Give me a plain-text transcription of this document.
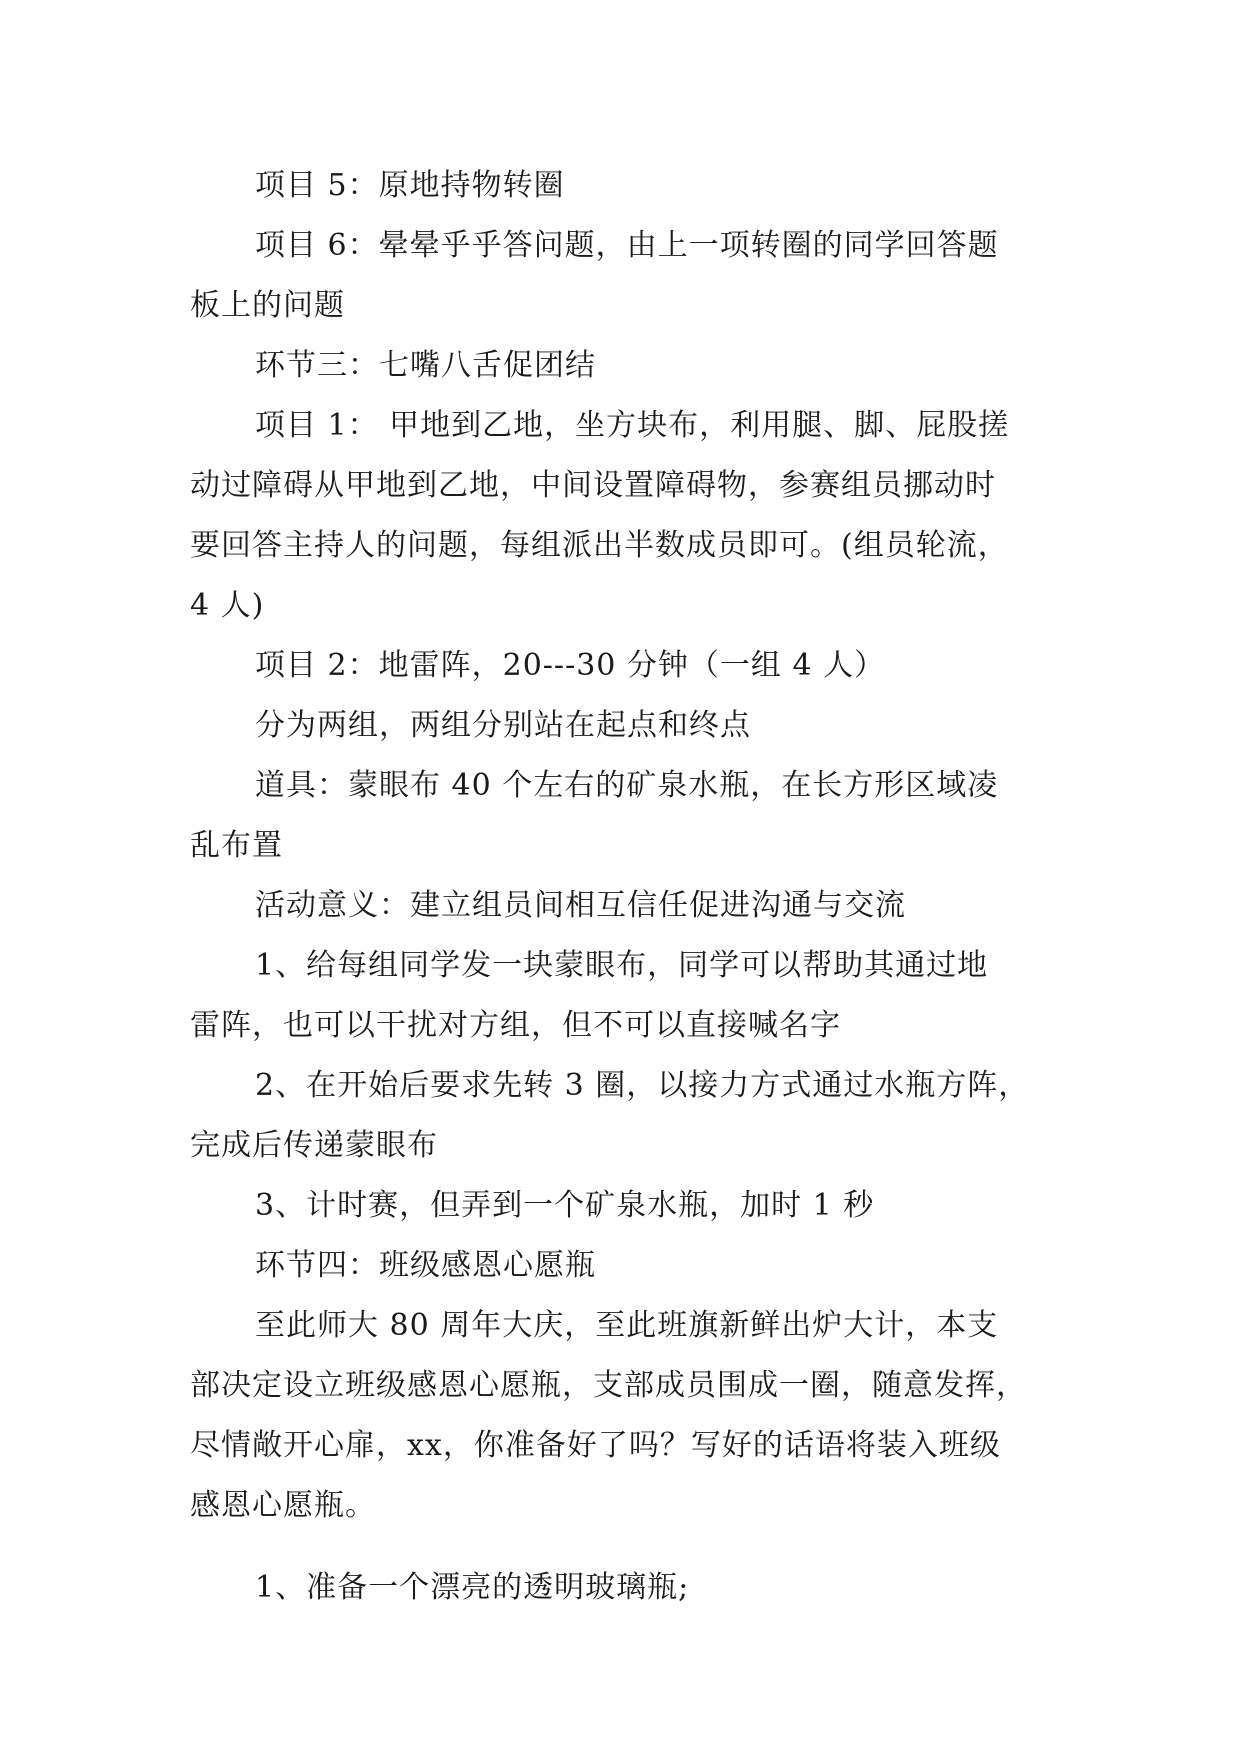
项目 5：原地持物转圈

项目 6：晕晕乎乎答问题，由上一项转圈的同学回答题
板上的问题

环节三：七嘴八舌促团结

项目 1： 甲地到乙地，坐方块布，利用腿、脚、屁股搓
动过障碍从甲地到乙地，中间设置障碍物，参赛组员挪动时
要回答主持人的问题，每组派出半数成员即可。(组员轮流，
4 人)

项目 2：地雷阵，20---30 分钟（一组 4 人）

分为两组，两组分别站在起点和终点

道具：蒙眼布 40 个左右的矿泉水瓶，在长方形区域凌
乱布置

活动意义：建立组员间相互信任促进沟通与交流

1、给每组同学发一块蒙眼布，同学可以帮助其通过地
雷阵，也可以干扰对方组，但不可以直接喊名字

2、在开始后要求先转 3 圈，以接力方式通过水瓶方阵，
完成后传递蒙眼布

3、计时赛，但弄到一个矿泉水瓶，加时 1 秒

环节四：班级感恩心愿瓶

至此师大 80 周年大庆，至此班旗新鲜出炉大计，本支
部决定设立班级感恩心愿瓶，支部成员围成一圈，随意发挥，
尽情敞开心扉，xx，你准备好了吗？写好的话语将装入班级
感恩心愿瓶。

1、准备一个漂亮的透明玻璃瓶;
